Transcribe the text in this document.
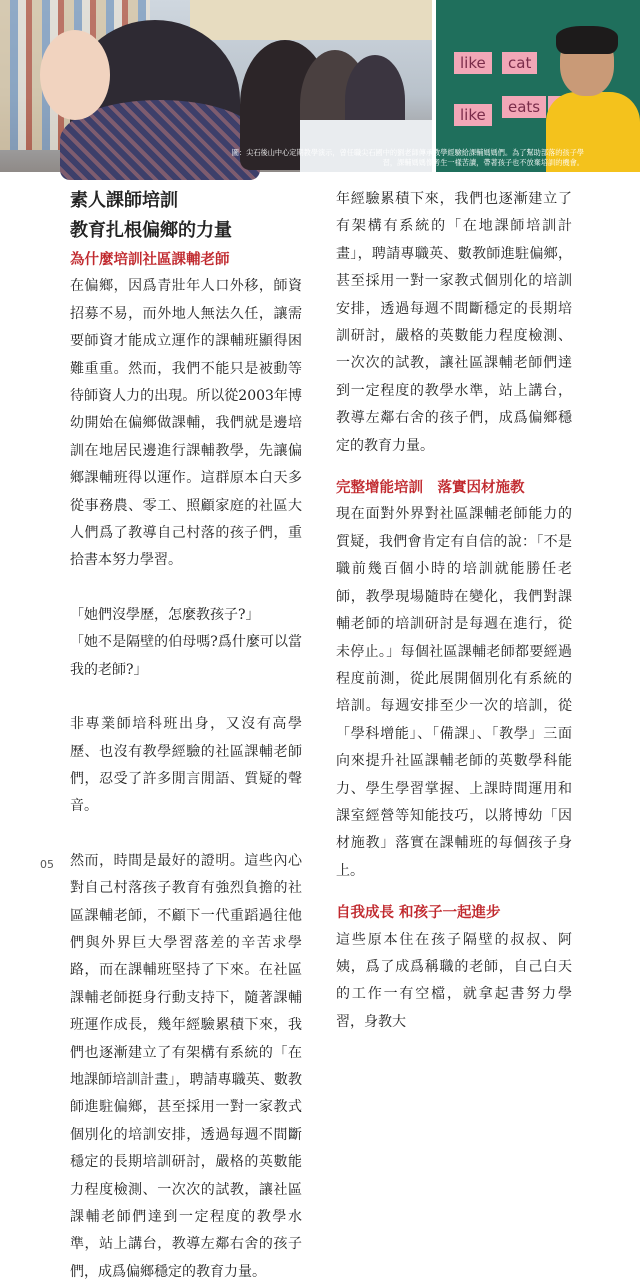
like	cat
like	eats
圖：尖石後山中心定期教學演示，曾任職尖石國中的劉老師傳承教學經驗給課輔媽媽們。為了幫助部落的孩子學習，課輔媽媽像考生一樣苦讀，帶著孩子也不放棄培訓的機會。

素人課師培訓

教育扎根偏鄉的力量

為什麼培訓社區課輔老師

在偏鄉，因爲青壯年人口外移，師資招募不易，而外地人無法久任，讓需要師資才能成立運作的課輔班顯得困難重重。然而，我們不能只是被動等待師資人力的出現。所以從2003年博幼開始在偏鄉做課輔，我們就是邊培訓在地居民邊進行課輔教學，先讓偏鄉課輔班得以運作。這群原本白天多從事務農、零工、照顧家庭的社區大人們爲了教導自己村落的孩子們，重拾書本努力學習。

「她們沒學歷，怎麼教孩子?」

「她不是隔壁的伯母嗎?爲什麼可以當我的老師?」

非專業師培科班出身，又沒有高學歷、也沒有教學經驗的社區課輔老師們，忍受了許多閒言閒語、質疑的聲音。

然而，時間是最好的證明。這些內心對自己村落孩子教育有強烈負擔的社區課輔老師，不顧下一代重蹈過往他們與外界巨大學習落差的辛苦求學路，而在課輔班堅持了下來。在社區課輔老師挺身行動支持下，隨著課輔班運作成長，幾年經驗累積下來，我們也逐漸建立了有架構有系統的「在地課師培訓計畫」，聘請專職英、數教師進駐偏鄉，甚至採用一對一家教式個別化的培訓安排，透過每週不間斷穩定的長期培訓研討，嚴格的英數能力程度檢測、一次次的試教，讓社區課輔老師們達到一定程度的教學水準，站上講台，教導左鄰右舍的孩子們，成爲偏鄉穩定的教育力量。

年經驗累積下來，我們也逐漸建立了有架構有系統的「在地課師培訓計畫」，聘請專職英、數教師進駐偏鄉，甚至採用一對一家教式個別化的培訓安排，透過每週不間斷穩定的長期培訓研討，嚴格的英數能力程度檢測、一次次的試教，讓社區課輔老師們達到一定程度的教學水準，站上講台，教導左鄰右舍的孩子們，成爲偏鄉穩定的教育力量。

完整增能培訓　落實因材施教

現在面對外界對社區課輔老師能力的質疑，我們會肯定有自信的說：「不是職前幾百個小時的培訓就能勝任老師，教學現場隨時在變化，我們對課輔老師的培訓研討是每週在進行，從未停止。」每個社區課輔老師都要經過程度前測，從此展開個別化有系統的培訓。每週安排至少一次的培訓，從「學科增能」、「備課」、「教學」三面向來提升社區課輔老師的英數學科能力、學生學習掌握、上課時間運用和課室經營等知能技巧，以將博幼「因材施教」落實在課輔班的每個孩子身上。

自我成長 和孩子一起進步

這些原本住在孩子隔壁的叔叔、阿姨，爲了成爲稱職的老師，自己白天的工作一有空檔，就拿起書努力學習，身教大

05
